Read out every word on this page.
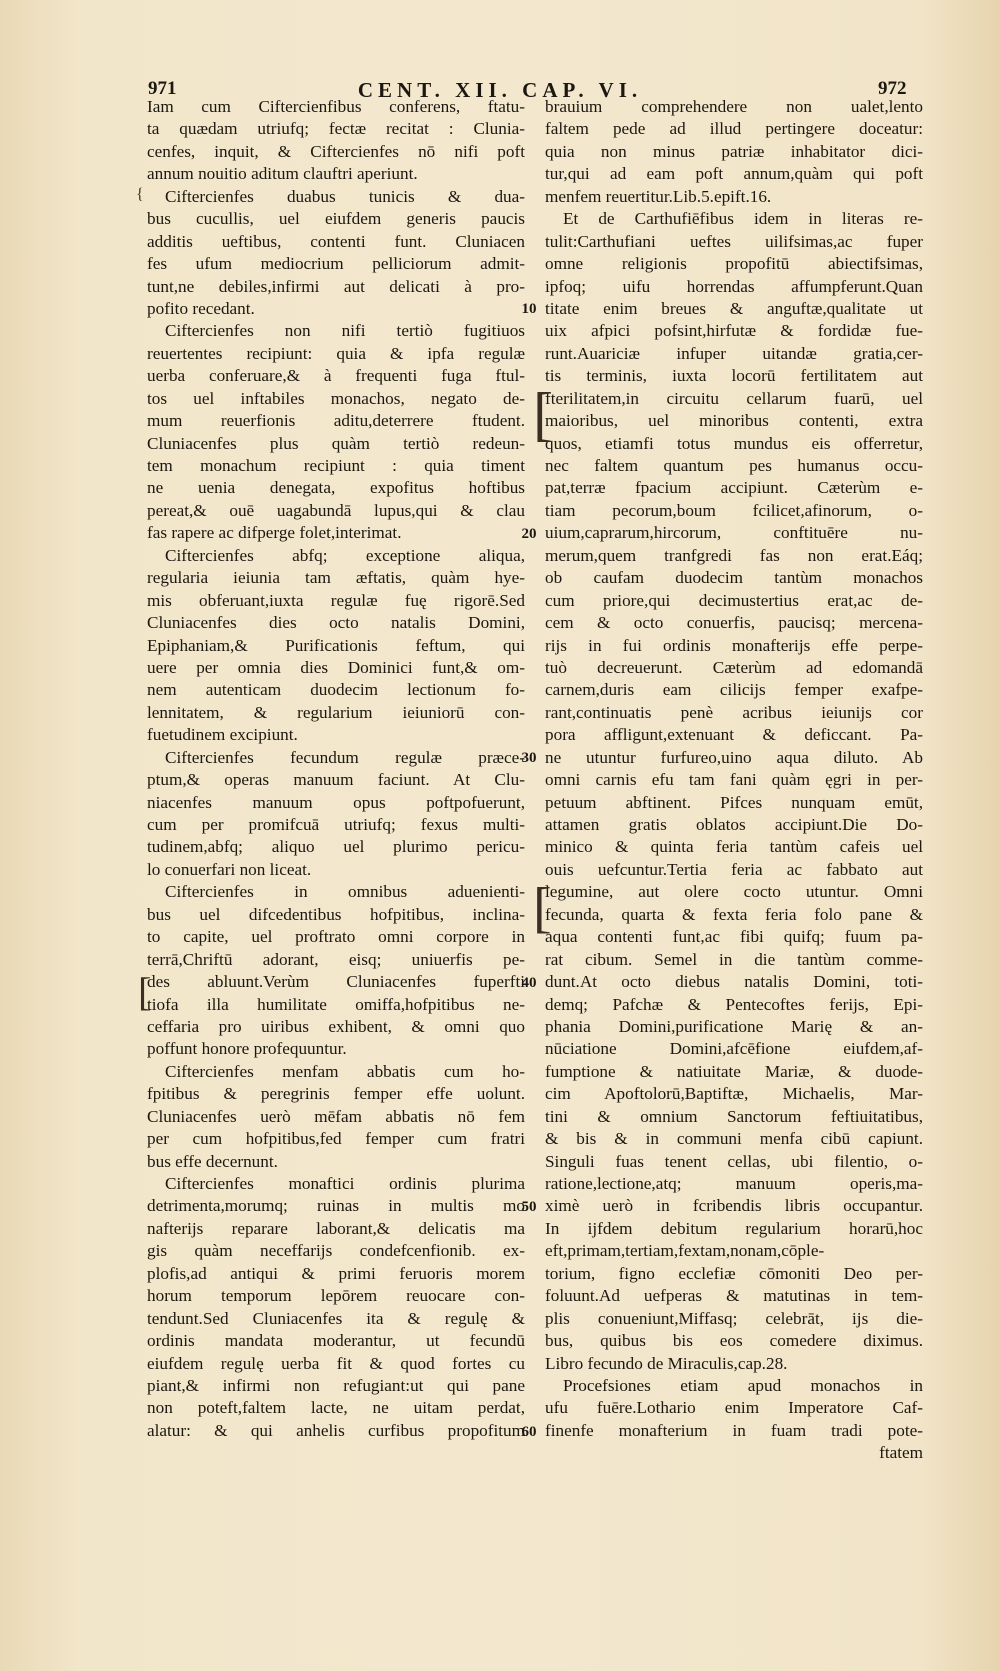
971	CENT. XII. CAP. VI.	972
Iam cum Ciftercienfibus conferens, ftatu-
ta quædam utriufq; fectæ recitat : Clunia-
cenfes, inquit, & Ciftercienfes nō nifi poft
annum nouitio aditum clauftri aperiunt.
Ciftercienfes duabus tunicis & dua-
bus cucullis, uel eiufdem generis paucis
additis ueftibus, contenti funt. Cluniacen
fes ufum mediocrium pelliciorum admit-
tunt,ne debiles,infirmi aut delicati à pro-
pofito recedant.
Ciftercienfes non nifi tertiò fugitiuos
reuertentes recipiunt: quia & ipfa regulæ
uerba conferuare,& à frequenti fuga ftul-
tos uel inftabiles monachos, negato de-
mum reuerfionis aditu,deterrere ftudent.
Cluniacenfes plus quàm tertiò redeun-
tem monachum recipiunt : quia timent
ne uenia denegata, expofitus hoftibus
pereat,& ouē uagabundā lupus,qui & clau
fas rapere ac difperge folet,interimat.
Ciftercienfes abfq; exceptione aliqua,
regularia ieiunia tam æftatis, quàm hye-
mis obferuant,iuxta regulæ fuę rigorē.Sed
Cluniacenfes dies octo natalis Domini,
Epiphaniam,& Purificationis feftum, qui
uere per omnia dies Dominici funt,& om-
nem autenticam duodecim lectionum fo-
lennitatem, & regularium ieiuniorū con-
fuetudinem excipiunt.
Ciftercienfes fecundum regulæ præce-
ptum,& operas manuum faciunt. At Clu-
niacenfes manuum opus poftpofuerunt,
cum per promifcuā utriufq; fexus multi-
tudinem,abfq; aliquo uel plurimo pericu-
lo conuerfari non liceat.
Ciftercienfes in omnibus aduenienti-
bus uel difcedentibus hofpitibus, inclina-
to capite, uel proftrato omni corpore in
terrā,Chriftū adorant, eisq; uniuerfis pe-
des abluunt.Verùm Cluniacenfes fuperfti
tiofa illa humilitate omiffa,hofpitibus ne-
ceffaria pro uiribus exhibent, & omni quo
poffunt honore profequuntur.
Ciftercienfes menfam abbatis cum ho-
fpitibus & peregrinis femper effe uolunt.
Cluniacenfes uerò mēfam abbatis nō fem
per cum hofpitibus,fed femper cum fratri
bus effe decernunt.
Ciftercienfes monaftici ordinis plurima
detrimenta,morumq; ruinas in multis mo
nafterijs reparare laborant,& delicatis ma
gis quàm neceffarijs condefcenfionib. ex-
plofis,ad antiqui & primi feruoris morem
horum temporum lepōrem reuocare con-
tendunt.Sed Cluniacenfes ita & regulę &
ordinis mandata moderantur, ut fecundū
eiufdem regulę uerba fit & quod fortes cu
piant,& infirmi non refugiant:ut qui pane
non poteft,faltem lacte, ne uitam perdat,
alatur: & qui anhelis curfibus propofitum
brauium comprehendere non ualet,lento
faltem pede ad illud pertingere doceatur:
quia non minus patriæ inhabitator dici-
tur,qui ad eam poft annum,quàm qui poft
menfem reuertitur.Lib.5.epift.16.
Et de Carthufiēfibus idem in literas re-
tulit:Carthufiani ueftes uilifsimas,ac fuper
omne religionis propofitū abiectifsimas,
ipfoq; uifu horrendas affumpferunt.Quan
titate enim breues & anguftæ,qualitate ut
uix afpici pofsint,hirfutæ & fordidæ fue-
runt.Auariciæ infuper uitandæ gratia,cer-
tis terminis, iuxta locorū fertilitatem aut
fterilitatem,in circuitu cellarum fuarū, uel
maioribus, uel minoribus contenti, extra
quos, etiamfi totus mundus eis offerretur,
nec faltem quantum pes humanus occu-
pat,terræ fpacium accipiunt. Cæterùm e-
tiam pecorum,boum fcilicet,afinorum, o-
uium,caprarum,hircorum, conftituēre nu-
merum,quem tranfgredi fas non erat.Eáq;
ob caufam duodecim tantùm monachos
cum priore,qui decimustertius erat,ac de-
cem & octo conuerfis, paucisq; mercena-
rijs in fui ordinis monafterijs effe perpe-
tuò decreuerunt. Cæterùm ad edomandā
carnem,duris eam cilicijs femper exafpe-
rant,continuatis penè acribus ieiunijs cor
pora affligunt,extenuant & deficcant. Pa-
ne utuntur furfureo,uino aqua diluto. Ab
omni carnis efu tam fani quàm ęgri in per-
petuum abftinent. Pifces nunquam emūt,
attamen gratis oblatos accipiunt.Die Do-
minico & quinta feria tantùm cafeis uel
ouis uefcuntur.Tertia feria ac fabbato aut
legumine, aut olere cocto utuntur. Omni
fecunda, quarta & fexta feria folo pane &
aqua contenti funt,ac fibi quifq; fuum pa-
rat cibum. Semel in die tantùm comme-
dunt.At octo diebus natalis Domini, toti-
demq; Pafchæ & Pentecoftes ferijs, Epi-
phania Domini,purificatione Marię & an-
nūciatione Domini,afcēfione eiufdem,af-
fumptione & natiuitate Mariæ, & duode-
cim Apoftolorū,Baptiftæ, Michaelis, Mar-
tini & omnium Sanctorum feftiuitatibus,
& bis & in communi menfa cibū capiunt.
Singuli fuas tenent cellas, ubi filentio, o-
ratione,lectione,atq; manuum operis,ma-
ximè uerò in fcribendis libris occupantur.
In ijfdem debitum regularium horarū,hoc
eft,primam,tertiam,fextam,nonam,cōple-
torium, figno ecclefiæ cōmoniti Deo per-
foluunt.Ad uefperas & matutinas in tem-
plis conueniunt,Miffasq; celebrāt, ijs die-
bus, quibus bis eos comedere diximus.
Libro fecundo de Miraculis,cap.28.
Procefsiones etiam apud monachos in
ufu fuēre.Lothario enim Imperatore Caf-
finenfe monafterium in fuam tradi pote-
ftatem
10
20
30
40
50
60
{
[
[
[
